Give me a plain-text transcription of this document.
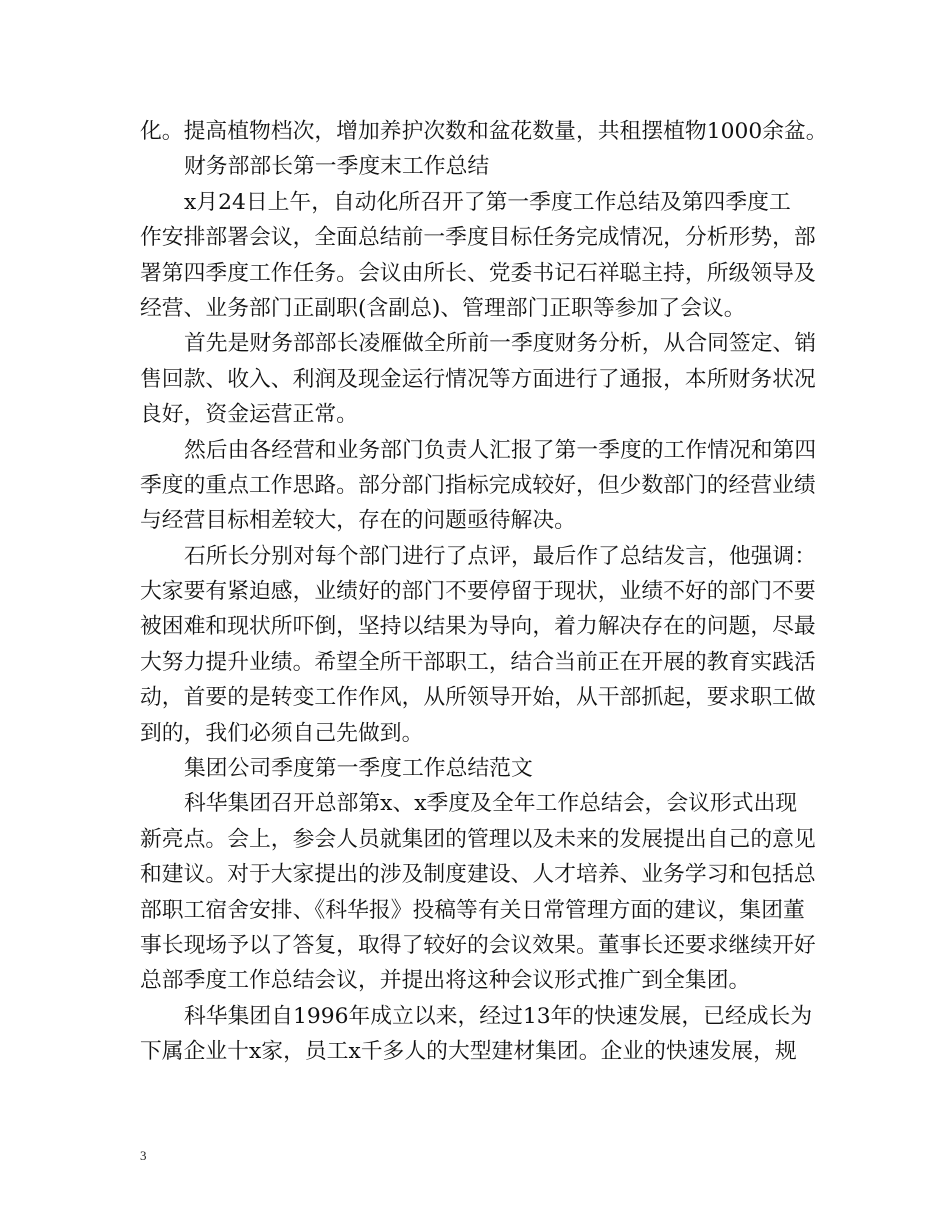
化。提高植物档次，增加养护次数和盆花数量，共租摆植物1000余盆。
财务部部长第一季度末工作总结
x月24日上午，自动化所召开了第一季度工作总结及第四季度工
作安排部署会议，全面总结前一季度目标任务完成情况，分析形势，部
署第四季度工作任务。会议由所长、党委书记石祥聪主持，所级领导及
经营、业务部门正副职(含副总)、管理部门正职等参加了会议。
首先是财务部部长凌雁做全所前一季度财务分析，从合同签定、销
售回款、收入、利润及现金运行情况等方面进行了通报，本所财务状况
良好，资金运营正常。
然后由各经营和业务部门负责人汇报了第一季度的工作情况和第四
季度的重点工作思路。部分部门指标完成较好，但少数部门的经营业绩
与经营目标相差较大，存在的问题亟待解决。
石所长分别对每个部门进行了点评，最后作了总结发言，他强调：
大家要有紧迫感，业绩好的部门不要停留于现状，业绩不好的部门不要
被困难和现状所吓倒，坚持以结果为导向，着力解决存在的问题，尽最
大努力提升业绩。希望全所干部职工，结合当前正在开展的教育实践活
动，首要的是转变工作作风，从所领导开始，从干部抓起，要求职工做
到的，我们必须自己先做到。
集团公司季度第一季度工作总结范文
科华集团召开总部第x、x季度及全年工作总结会，会议形式出现
新亮点。会上，参会人员就集团的管理以及未来的发展提出自己的意见
和建议。对于大家提出的涉及制度建设、人才培养、业务学习和包括总
部职工宿舍安排、《科华报》投稿等有关日常管理方面的建议，集团董
事长现场予以了答复，取得了较好的会议效果。董事长还要求继续开好
总部季度工作总结会议，并提出将这种会议形式推广到全集团。
科华集团自1996年成立以来，经过13年的快速发展，已经成长为
下属企业十x家，员工x千多人的大型建材集团。企业的快速发展，规
3
